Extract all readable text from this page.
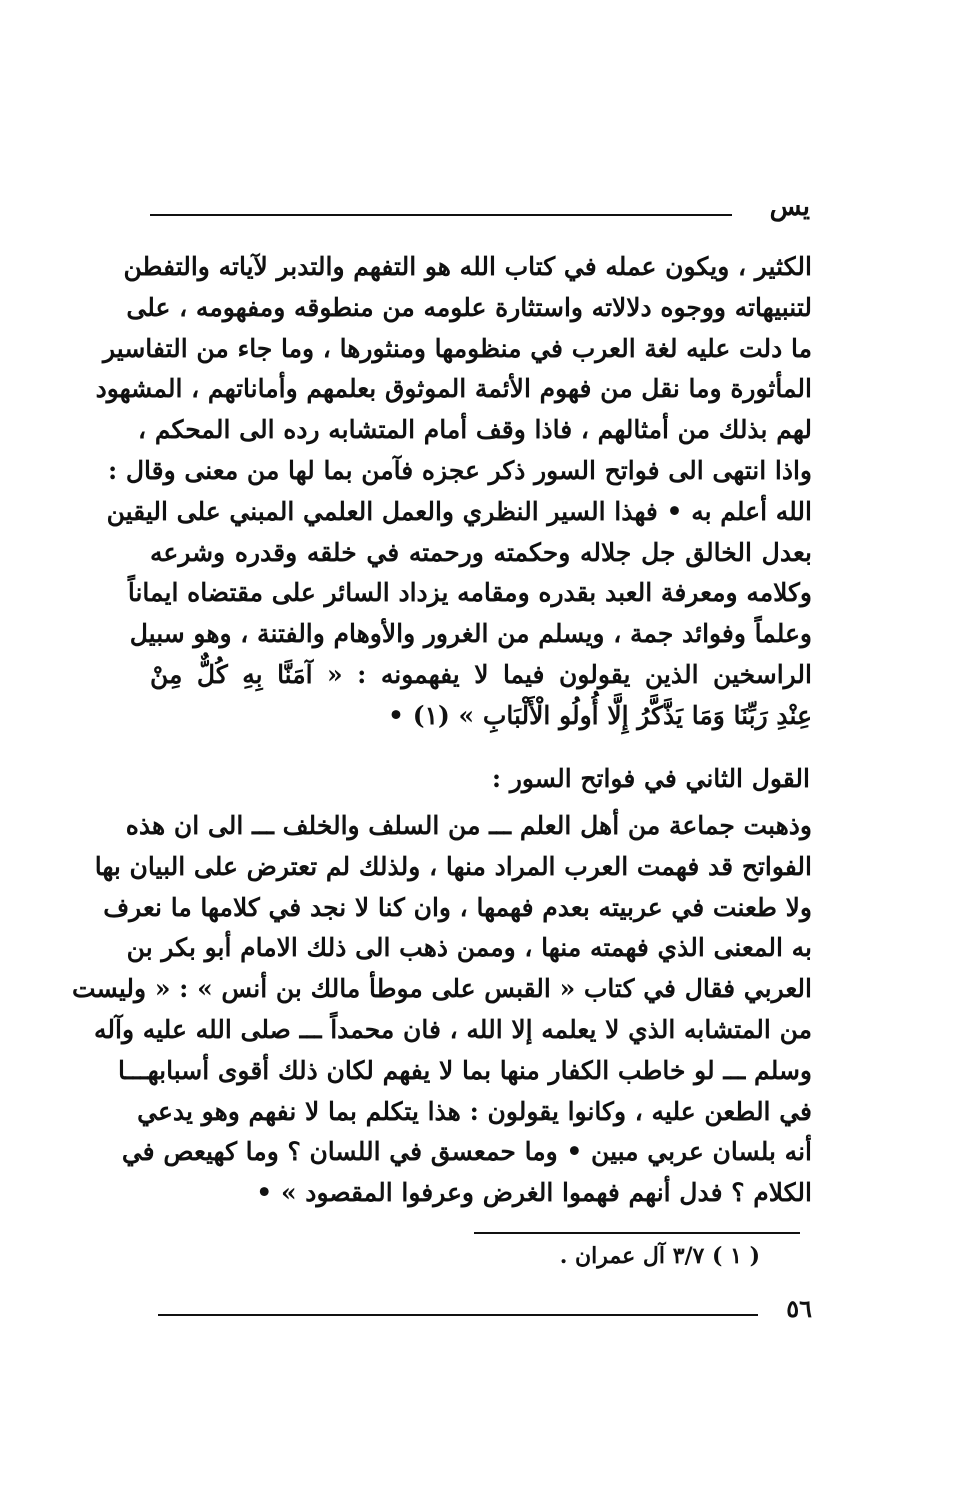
يس
الكثير ، ويكون عمله في كتاب الله هو التفهم والتدبر لآياته والتفطن
لتنبيهاته ووجوه دلالاته واستثارة علومه من منطوقه ومفهومه ، على
ما دلت عليه لغة العرب في منظومها ومنثورها ، وما جاء من التفاسير
المأثورة وما نقل من فهوم الأئمة الموثوق بعلمهم وأماناتهم ، المشهود
لهم بذلك من أمثالهم ، فاذا وقف أمام المتشابه رده الى المحكم ،
واذا انتهى الى فواتح السور ذكر عجزه فآمن بما لها من معنى وقال :
الله أعلم به • فهذا السير النظري والعمل العلمي المبني على اليقين
بعدل الخالق جل جلاله وحكمته ورحمته في خلقه وقدره وشرعه
وكلامه ومعرفة العبد بقدره ومقامه يزداد السائر على مقتضاه ايماناً
وعلماً وفوائد جمة ، ويسلم من الغرور والأوهام والفتنة ، وهو سبيل
الراسخين الذين يقولون فيما لا يفهمونه : « آمَنَّا بِهِ كُلٌّ مِنْ
عِنْدِ رَبِّنَا وَمَا يَذَّكَّرُ إِلَّا أُولُو الْأَلْبَابِ » (١) •
القول الثاني في فواتح السور :
وذهبت جماعة من أهل العلم ـــ من السلف والخلف ـــ الى ان هذه
الفواتح قد فهمت العرب المراد منها ، ولذلك لم تعترض على البيان بها
ولا طعنت في عربيته بعدم فهمها ، وان كنا لا نجد في كلامها ما نعرف
به المعنى الذي فهمته منها ، وممن ذهب الى ذلك الامام أبو بكر بن
العربي فقال في كتاب « القبس على موطأ مالك بن أنس » : « وليست
من المتشابه الذي لا يعلمه إلا الله ، فان محمداً ـــ صلى الله عليه وآله
وسلم ـــ لو خاطب الكفار منها بما لا يفهم لكان ذلك أقوى أسبابهـــا
في الطعن عليه ، وكانوا يقولون : هذا يتكلم بما لا نفهم وهو يدعي
أنه بلسان عربي مبين • وما حمعسق في اللسان ؟ وما كهيعص في
الكلام ؟ فدل أنهم فهموا الغرض وعرفوا المقصود » •
( ١ ) ٣/٧ آل عمران .
٥٦
